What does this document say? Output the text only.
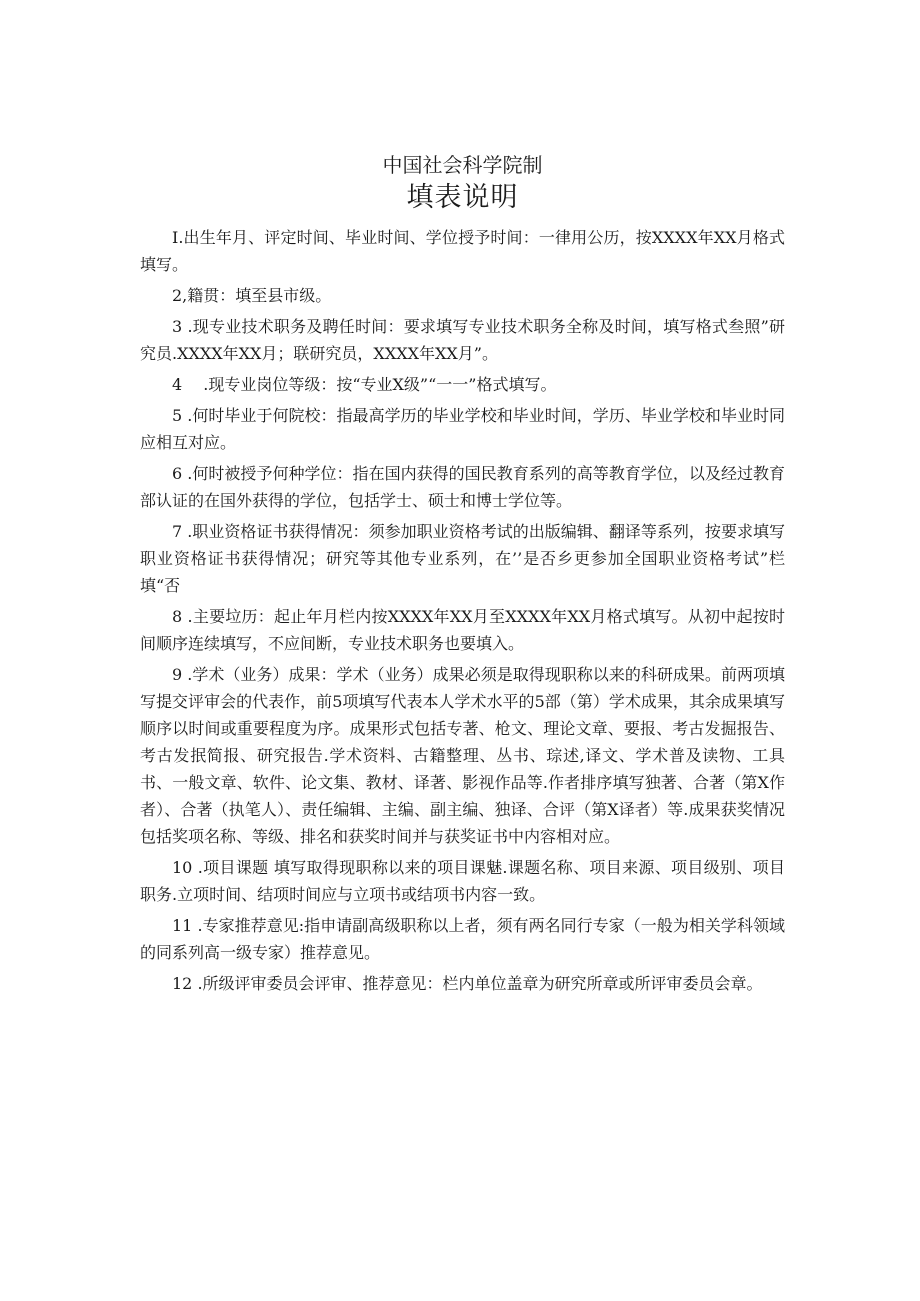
中国社会科学院制

填表说明

I.出生年月、评定时间、毕业时间、学位授予时间：一律用公历，按XXXX年XX月格式填写。

2,籍贯：填至县市级。

3 .现专业技术职务及聘任时间：要求填写专业技术职务全称及时间，填写格式叁照”研究员.XXXX年XX月；联研究员，XXXX年XX月”。

4　 .现专业岗位等级：按“专业X级”“一一”格式填写。

5 .何时毕业于何院校：指最高学历的毕业学校和毕业时间，学历、毕业学校和毕业时同应相互对应。

6 .何时被授予何种学位：指在国内获得的国民教育系列的高等教育学位，以及经过教育部认证的在国外获得的学位，包括学士、硕士和博士学位等。

7 .职业资格证书获得情况：须参加职业资格考试的出版编辑、翻译等系列，按要求填写职业资格证书获得情况；研究等其他专业系列，在’’是否乡更参加全国职业资格考试”栏填“否

8 .主要垃历：起止年月栏内按XXXX年XX月至XXXX年XX月格式填写。从初中起按时间顺序连续填写，不应间断，专业技术职务也要填入。

9 .学术（业务）成果：学术（业务）成果必须是取得现职称以来的科研成果。前两项填写提交评审会的代表作，前5项填写代表本人学术水平的5部（第）学术成果，其余成果填写顺序以时间或重要程度为序。成果形式包括专著、枪文、理论文章、要报、考古发掘报告、考古发抿简报、研究报告.学术资料、古籍整理、丛书、琮述,译文、学术普及读物、工具书、一般文章、软件、论文集、教材、译著、影视作品等.作者排序填写独著、合著（第X作者）、合著（执笔人）、责任编辑、主编、副主编、独译、合评（第X译者）等.成果获奖情况包括奖项名称、等级、排名和获奖时间并与获奖证书中内容相对应。

10 .项目课题 填写取得现职称以来的项目课魅.课题名称、项目来源、项目级别、项目职务.立项时间、结项时间应与立项书或结项书内容一致。

11 .专家推荐意见:指申请副高级职称以上者，须有两名同行专家（一般为相关学科领域的同系列高一级专家）推荐意见。

12 .所级评审委员会评审、推荐意见：栏内单位盖章为研究所章或所评审委员会章。
